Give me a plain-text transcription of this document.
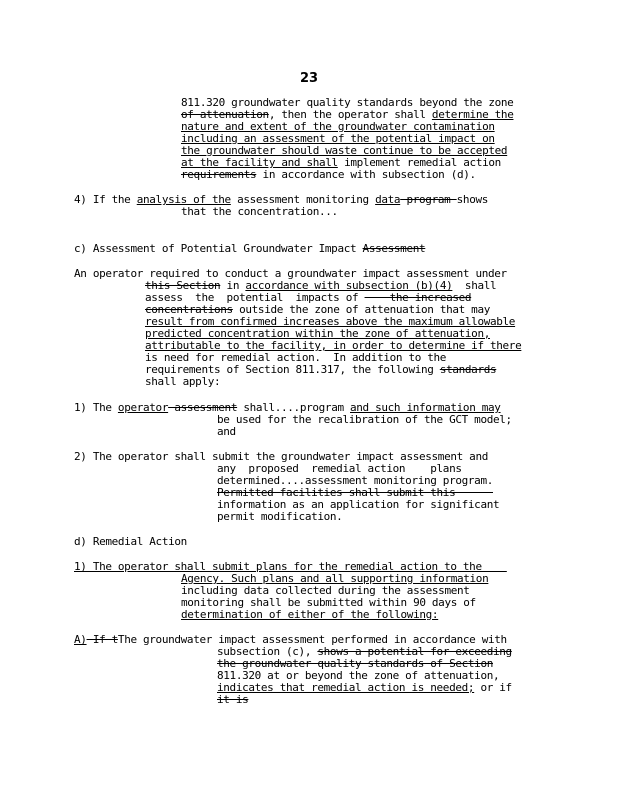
23
811.320 groundwater quality standards beyond the zone
of attenuation, then the operator shall determine the
nature and extent of the groundwater contamination
including an assessment of the potential impact on
the groundwater should waste continue to be accepted
at the facility and shall implement remedial action
requirements in accordance with subsection (d).
4) If the analysis of the assessment monitoring data program shows
that the concentration...
c) Assessment of Potential Groundwater Impact Assessment
An operator required to conduct a groundwater impact assessment under
this Section in accordance with subsection (b)(4)  shall
assess  the  potential  impacts of     the increased
concentrations outside the zone of attenuation that may
result from confirmed increases above the maximum allowable
predicted concentration within the zone of attenuation,
attributable to the facility, in order to determine if there
is need for remedial action.  In addition to the
requirements of Section 811.317, the following standards
shall apply:
1) The operator assessment shall....program and such information may
be used for the recalibration of the GCT model;
and
2) The operator shall submit the groundwater impact assessment and
any  proposed  remedial action    plans
determined....assessment monitoring program.
Permitted facilities shall submit this
information as an application for significant
permit modification.
d) Remedial Action
1) The operator shall submit plans for the remedial action to the
Agency. Such plans and all supporting information
including data collected during the assessment
monitoring shall be submitted within 90 days of
determination of either of the following:
A) If tThe groundwater impact assessment performed in accordance with
subsection (c), shows a potential for exceeding
the groundwater quality standards of Section
811.320 at or beyond the zone of attenuation,
indicates that remedial action is needed; or if
it is
